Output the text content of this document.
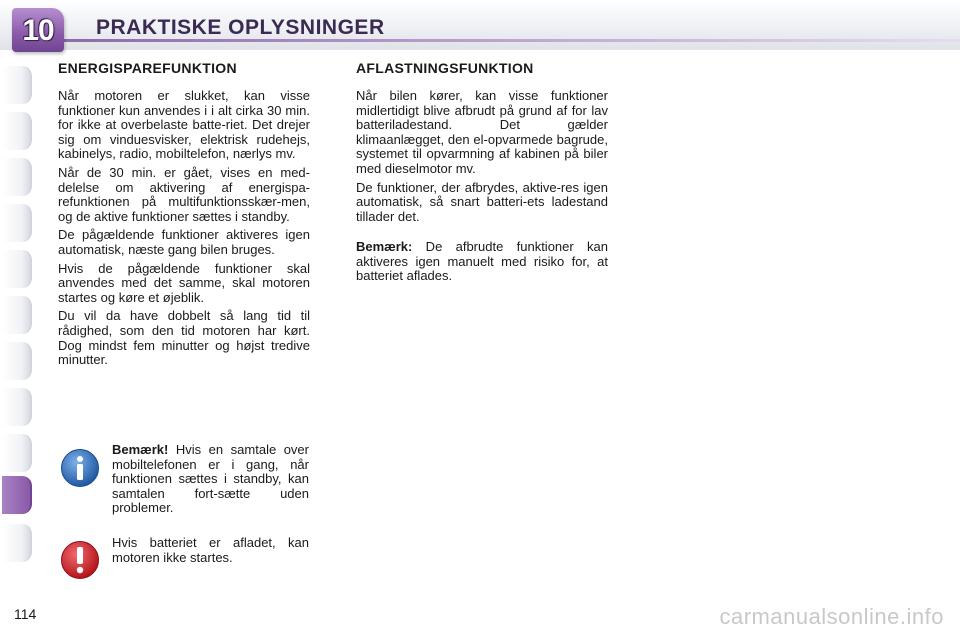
10	PRAKTISKE OPLYSNINGER
ENERGISPAREFUNKTION

Når motoren er slukket, kan visse funktioner kun anvendes i i alt cirka 30 min. for ikke at overbelaste batte-riet. Det drejer sig om vinduesvisker, elektrisk rudehejs, kabinelys, radio, mobiltelefon, nærlys mv.

Når de 30 min. er gået, vises en med-delelse om aktivering af energispa-refunktionen på multifunktionsskær-men, og de aktive funktioner sættes i standby.

De pågældende funktioner aktiveres igen automatisk, næste gang bilen bruges.

Hvis de pågældende funktioner skal anvendes med det samme, skal motoren startes og køre et øjeblik.

Du vil da have dobbelt så lang tid til rådighed, som den tid motoren har kørt. Dog mindst fem minutter og højst tredive minutter.

Bemærk! Hvis en samtale over mobiltelefonen er i gang, når funktionen sættes i standby, kan samtalen fort-sætte uden problemer.
Hvis batteriet er afladet, kan motoren ikke startes.
AFLASTNINGSFUNKTION

Når bilen kører, kan visse funktioner midlertidigt blive afbrudt på grund af for lav batteriladestand. Det gælder klimaanlægget, den el-opvarmede bagrude, systemet til opvarmning af kabinen på biler med dieselmotor mv.

De funktioner, der afbrydes, aktive-res igen automatisk, så snart batteri-ets ladestand tillader det.

Bemærk: De afbrudte funktioner kan aktiveres igen manuelt med risiko for, at batteriet aflades.
114	carmanualsonline.info
